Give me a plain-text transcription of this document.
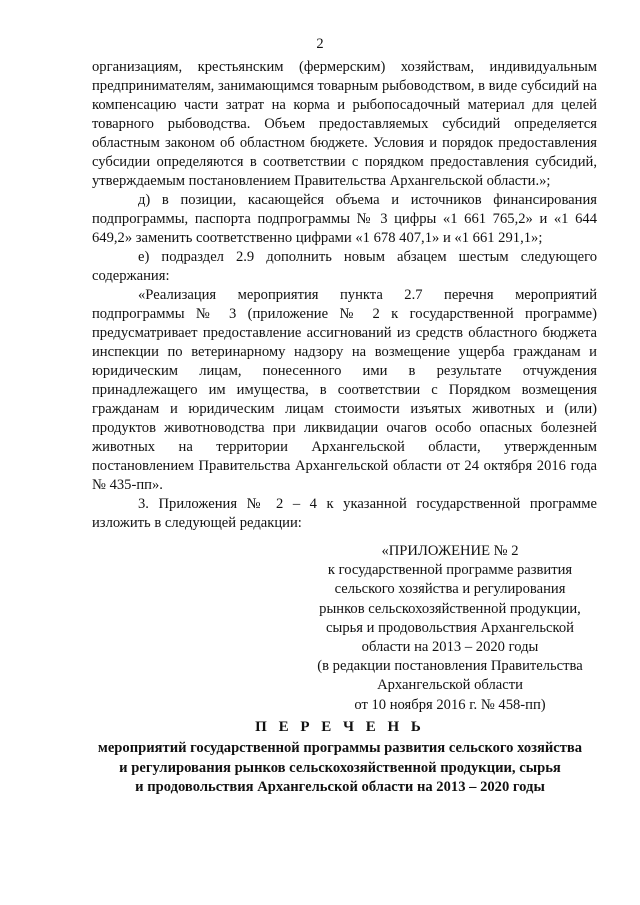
2

организациям, крестьянским (фермерским) хозяйствам, индивидуальным предпринимателям, занимающимся товарным рыбоводством, в виде субсидий на компенсацию части затрат на корма и рыбопосадочный материал для целей товарного рыбоводства. Объем предоставляемых субсидий определяется областным законом об областном бюджете. Условия и порядок предоставления субсидии определяются в соответствии с порядком предоставления субсидий, утверждаемым постановлением Правительства Архангельской области.»;

д) в позиции, касающейся объема и источников финансирования подпрограммы, паспорта подпрограммы № 3 цифры «1 661 765,2» и «1 644 649,2» заменить соответственно цифрами «1 678 407,1» и «1 661 291,1»;

е) подраздел 2.9 дополнить новым абзацем шестым следующего содержания:

«Реализация мероприятия пункта 2.7 перечня мероприятий подпрограммы № 3 (приложение № 2 к государственной программе) предусматривает предоставление ассигнований из средств областного бюджета инспекции по ветеринарному надзору на возмещение ущерба гражданам и юридическим лицам, понесенного ими в результате отчуждения принадлежащего им имущества, в соответствии с Порядком возмещения гражданам и юридическим лицам стоимости изъятых животных и (или) продуктов животноводства при ликвидации очагов особо опасных болезней животных на территории Архангельской области, утвержденным постановлением Правительства Архангельской области от 24 октября 2016 года № 435-пп».

3. Приложения № 2 – 4 к указанной государственной программе изложить в следующей редакции:

«ПРИЛОЖЕНИЕ № 2
к государственной программе развития
сельского хозяйства и регулирования
рынков сельскохозяйственной продукции,
сырья и продовольствия Архангельской
области на 2013 – 2020 годы
(в редакции постановления Правительства
Архангельской области
от 10 ноября 2016 г. № 458-пп)
П Е Р Е Ч Е Н Ь
мероприятий государственной программы развития сельского хозяйства
и регулирования рынков сельскохозяйственной продукции, сырья
и продовольствия Архангельской области на 2013 – 2020 годы
